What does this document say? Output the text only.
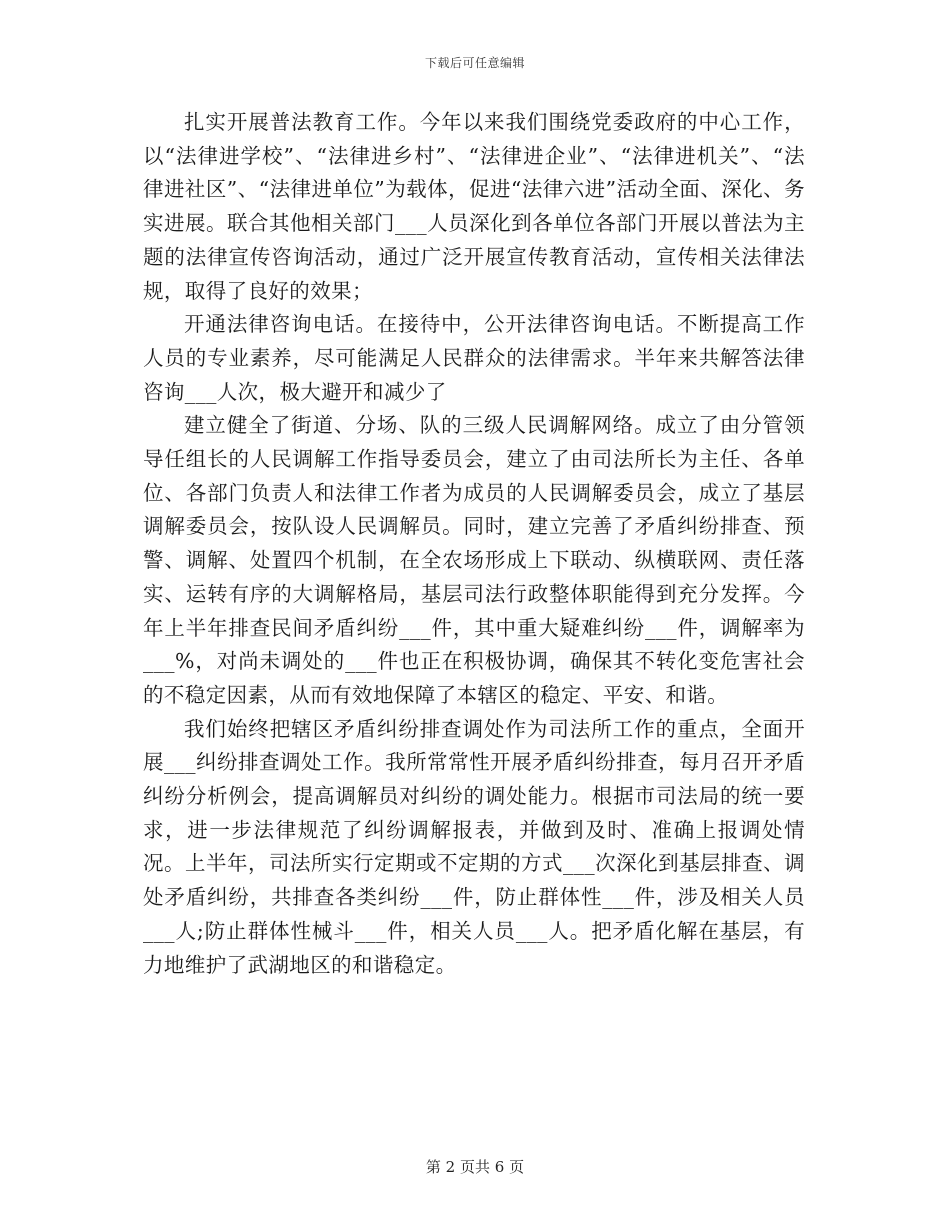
下载后可任意编辑

扎实开展普法教育工作。今年以来我们围绕党委政府的中心工作，以“法律进学校”、“法律进乡村”、“法律进企业”、“法律进机关”、“法律进社区”、“法律进单位”为载体，促进“法律六进”活动全面、深化、务实进展。联合其他相关部门___人员深化到各单位各部门开展以普法为主题的法律宣传咨询活动，通过广泛开展宣传教育活动，宣传相关法律法规，取得了良好的效果；

开通法律咨询电话。在接待中，公开法律咨询电话。不断提高工作人员的专业素养，尽可能满足人民群众的法律需求。半年来共解答法律咨询___人次，极大避开和减少了

建立健全了街道、分场、队的三级人民调解网络。成立了由分管领导任组长的人民调解工作指导委员会，建立了由司法所长为主任、各单位、各部门负责人和法律工作者为成员的人民调解委员会，成立了基层调解委员会，按队设人民调解员。同时，建立完善了矛盾纠纷排查、预警、调解、处置四个机制，在全农场形成上下联动、纵横联网、责任落实、运转有序的大调解格局，基层司法行政整体职能得到充分发挥。今年上半年排查民间矛盾纠纷___件，其中重大疑难纠纷___件，调解率为___%，对尚未调处的___件也正在积极协调，确保其不转化变危害社会的不稳定因素，从而有效地保障了本辖区的稳定、平安、和谐。

我们始终把辖区矛盾纠纷排查调处作为司法所工作的重点，全面开展___纠纷排查调处工作。我所常常性开展矛盾纠纷排查，每月召开矛盾纠纷分析例会，提高调解员对纠纷的调处能力。根据市司法局的统一要求，进一步法律规范了纠纷调解报表，并做到及时、准确上报调处情况。上半年，司法所实行定期或不定期的方式___次深化到基层排查、调处矛盾纠纷，共排查各类纠纷___件，防止群体性___件，涉及相关人员___人;防止群体性械斗___件，相关人员___人。把矛盾化解在基层，有力地维护了武湖地区的和谐稳定。

第 2 页共 6 页
